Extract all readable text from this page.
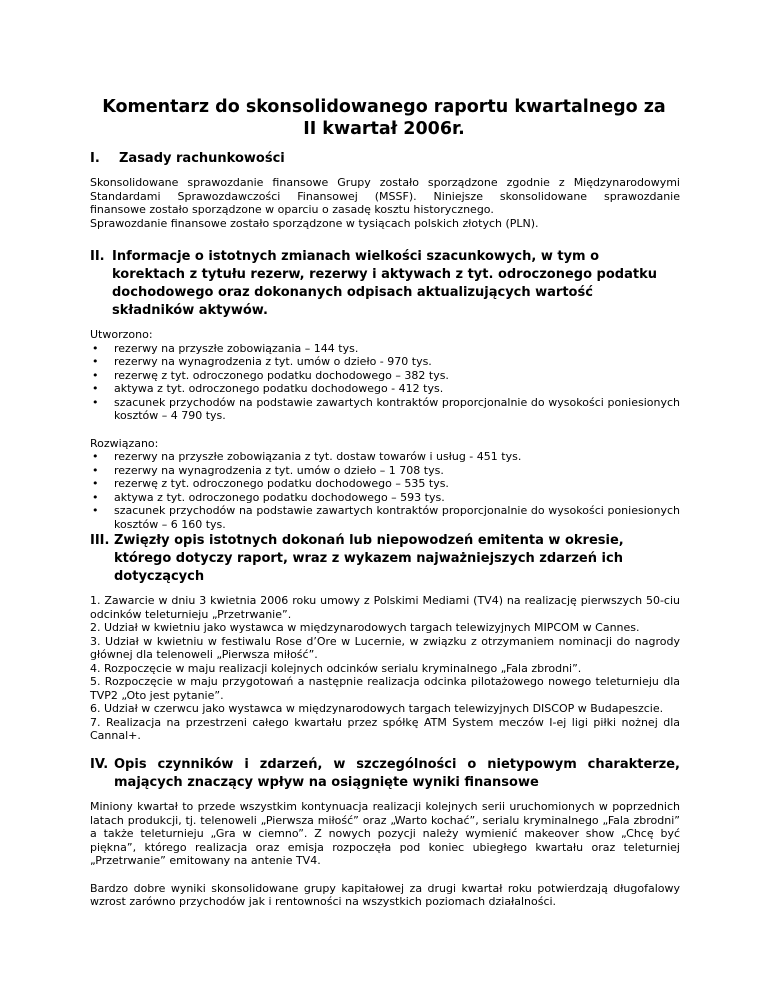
Komentarz do skonsolidowanego raportu kwartalnego za
II kwartał 2006r.
I.	Zasady rachunkowości
Skonsolidowane sprawozdanie finansowe Grupy zostało sporządzone zgodnie z Międzynarodowymi
Standardami Sprawozdawczości Finansowej (MSSF). Niniejsze skonsolidowane sprawozdanie
finansowe zostało sporządzone w oparciu o zasadę kosztu historycznego.
Sprawozdanie finansowe zostało sporządzone w tysiącach polskich złotych (PLN).
II. Informacje o istotnych zmianach wielkości szacunkowych, w tym o korektach z tytułu rezerw, rezerwy i aktywach z tyt. odroczonego podatku dochodowego oraz dokonanych odpisach aktualizujących wartość składników aktywów.
Utworzono:
• rezerwy na przyszłe zobowiązania – 144 tys.
• rezerwy na wynagrodzenia z tyt. umów o dzieło - 970 tys.
• rezerwę z tyt. odroczonego podatku dochodowego – 382 tys.
• aktywa z tyt. odroczonego podatku dochodowego - 412 tys.
• szacunek przychodów na podstawie zawartych kontraktów proporcjonalnie do wysokości poniesionych kosztów – 4 790 tys.
Rozwiązano:
• rezerwy na przyszłe zobowiązania z tyt. dostaw towarów i usług - 451 tys.
• rezerwy na wynagrodzenia z tyt. umów o dzieło – 1 708 tys.
• rezerwę z tyt. odroczonego podatku dochodowego – 535 tys.
• aktywa z tyt. odroczonego podatku dochodowego – 593 tys.
• szacunek przychodów na podstawie zawartych kontraktów proporcjonalnie do wysokości poniesionych kosztów – 6 160 tys.
III. Zwięzły opis istotnych dokonań lub niepowodzeń emitenta w okresie, którego dotyczy raport, wraz z wykazem najważniejszych zdarzeń ich dotyczących
1. Zawarcie w dniu 3 kwietnia 2006 roku umowy z Polskimi Mediami (TV4) na realizację pierwszych 50-ciu odcinków teleturnieju „Przetrwanie”.
2. Udział w kwietniu jako wystawca w międzynarodowych targach telewizyjnych MIPCOM w Cannes.
3. Udział w kwietniu w festiwalu Rose d’Ore w Lucernie, w związku z otrzymaniem nominacji do nagrody głównej dla telenoweli „Pierwsza miłość”.
4. Rozpoczęcie w maju realizacji kolejnych odcinków serialu kryminalnego „Fala zbrodni”.
5. Rozpoczęcie w maju przygotowań a następnie realizacja odcinka pilotażowego nowego teleturnieju dla TVP2 „Oto jest pytanie”.
6. Udział w czerwcu jako wystawca w międzynarodowych targach telewizyjnych DISCOP w Budapeszcie.
7. Realizacja na przestrzeni całego kwartału przez spółkę ATM System meczów I-ej ligi piłki nożnej dla Cannal+.
IV. Opis czynników i zdarzeń, w szczególności o nietypowym charakterze, mających znaczący wpływ na osiągnięte wyniki finansowe
Miniony kwartał to przede wszystkim kontynuacja realizacji kolejnych serii uruchomionych w poprzednich latach produkcji, tj. telenoweli „Pierwsza miłość” oraz „Warto kochać”, serialu kryminalnego „Fala zbrodni” a także teleturnieju „Gra w ciemno”. Z nowych pozycji należy wymienić makeover show „Chcę być piękna”, którego realizacja oraz emisja rozpoczęła pod koniec ubiegłego kwartału oraz teleturniej „Przetrwanie” emitowany na antenie TV4.
Bardzo dobre wyniki skonsolidowane grupy kapitałowej za drugi kwartał roku potwierdzają długofalowy wzrost zarówno przychodów jak i rentowności na wszystkich poziomach działalności.
